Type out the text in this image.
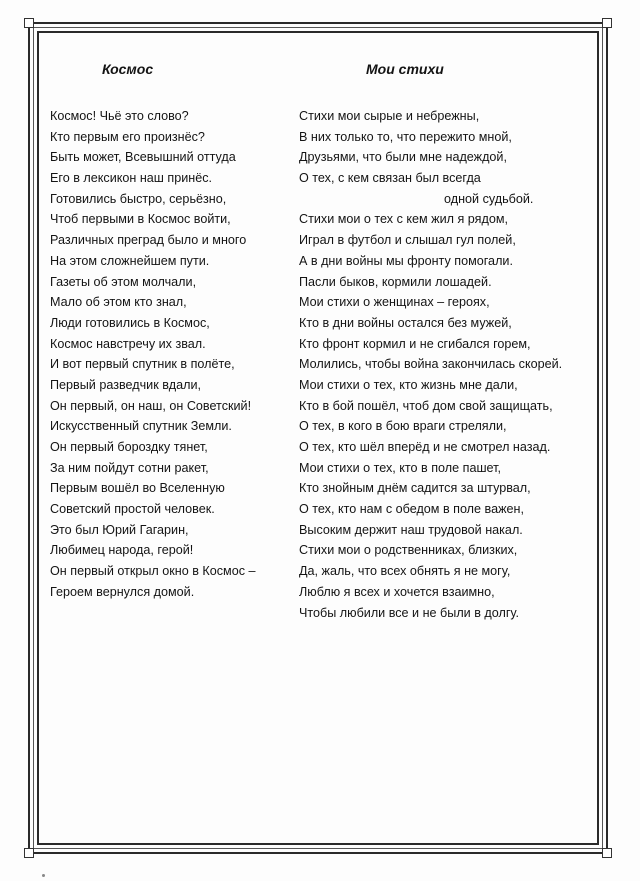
Космос	Мои стихи
Космос! Чьё это слово?
Кто первым его произнёс?
Быть может, Всевышний оттуда
Его в лексикон наш принёс.
Готовились быстро, серьёзно,
Чтоб первыми в Космос войти,
Различных преград было и много
На этом сложнейшем пути.
Газеты об этом молчали,
Мало об этом кто знал,
Люди готовились в Космос,
Космос навстречу их звал.
И вот первый спутник в полёте,
Первый разведчик вдали,
Он первый, он наш, он Советский!
Искусственный спутник Земли.
Он первый бороздку тянет,
За ним пойдут сотни ракет,
Первым вошёл во Вселенную
Советский простой человек.
Это был Юрий Гагарин,
Любимец народа, герой!
Он первый открыл окно в Космос –
Героем вернулся домой.
Стихи мои сырые и небрежны,
В них только то, что пережито мной,
Друзьями, что были мне надеждой,
О тех, с кем связан был всегда
одной судьбой.
Стихи мои о тех с кем жил я рядом,
Играл в футбол и слышал гул полей,
А в дни войны мы фронту помогали.
Пасли быков, кормили лошадей.
Мои стихи о женщинах – героях,
Кто в дни войны остался без мужей,
Кто фронт кормил и не сгибался горем,
Молились, чтобы война закончилась скорей.
Мои стихи о тех, кто жизнь мне дали,
Кто в бой пошёл, чтоб дом свой защищать,
О тех, в кого в бою враги стреляли,
О тех, кто шёл вперёд и не смотрел назад.
Мои стихи о тех, кто в поле пашет,
Кто знойным днём садится за штурвал,
О тех, кто нам с обедом в поле важен,
Высоким держит наш трудовой накал.
Стихи мои о родственниках, близких,
Да, жаль, что всех обнять я не могу,
Люблю я всех и хочется взаимно,
Чтобы любили все и не были в долгу.
